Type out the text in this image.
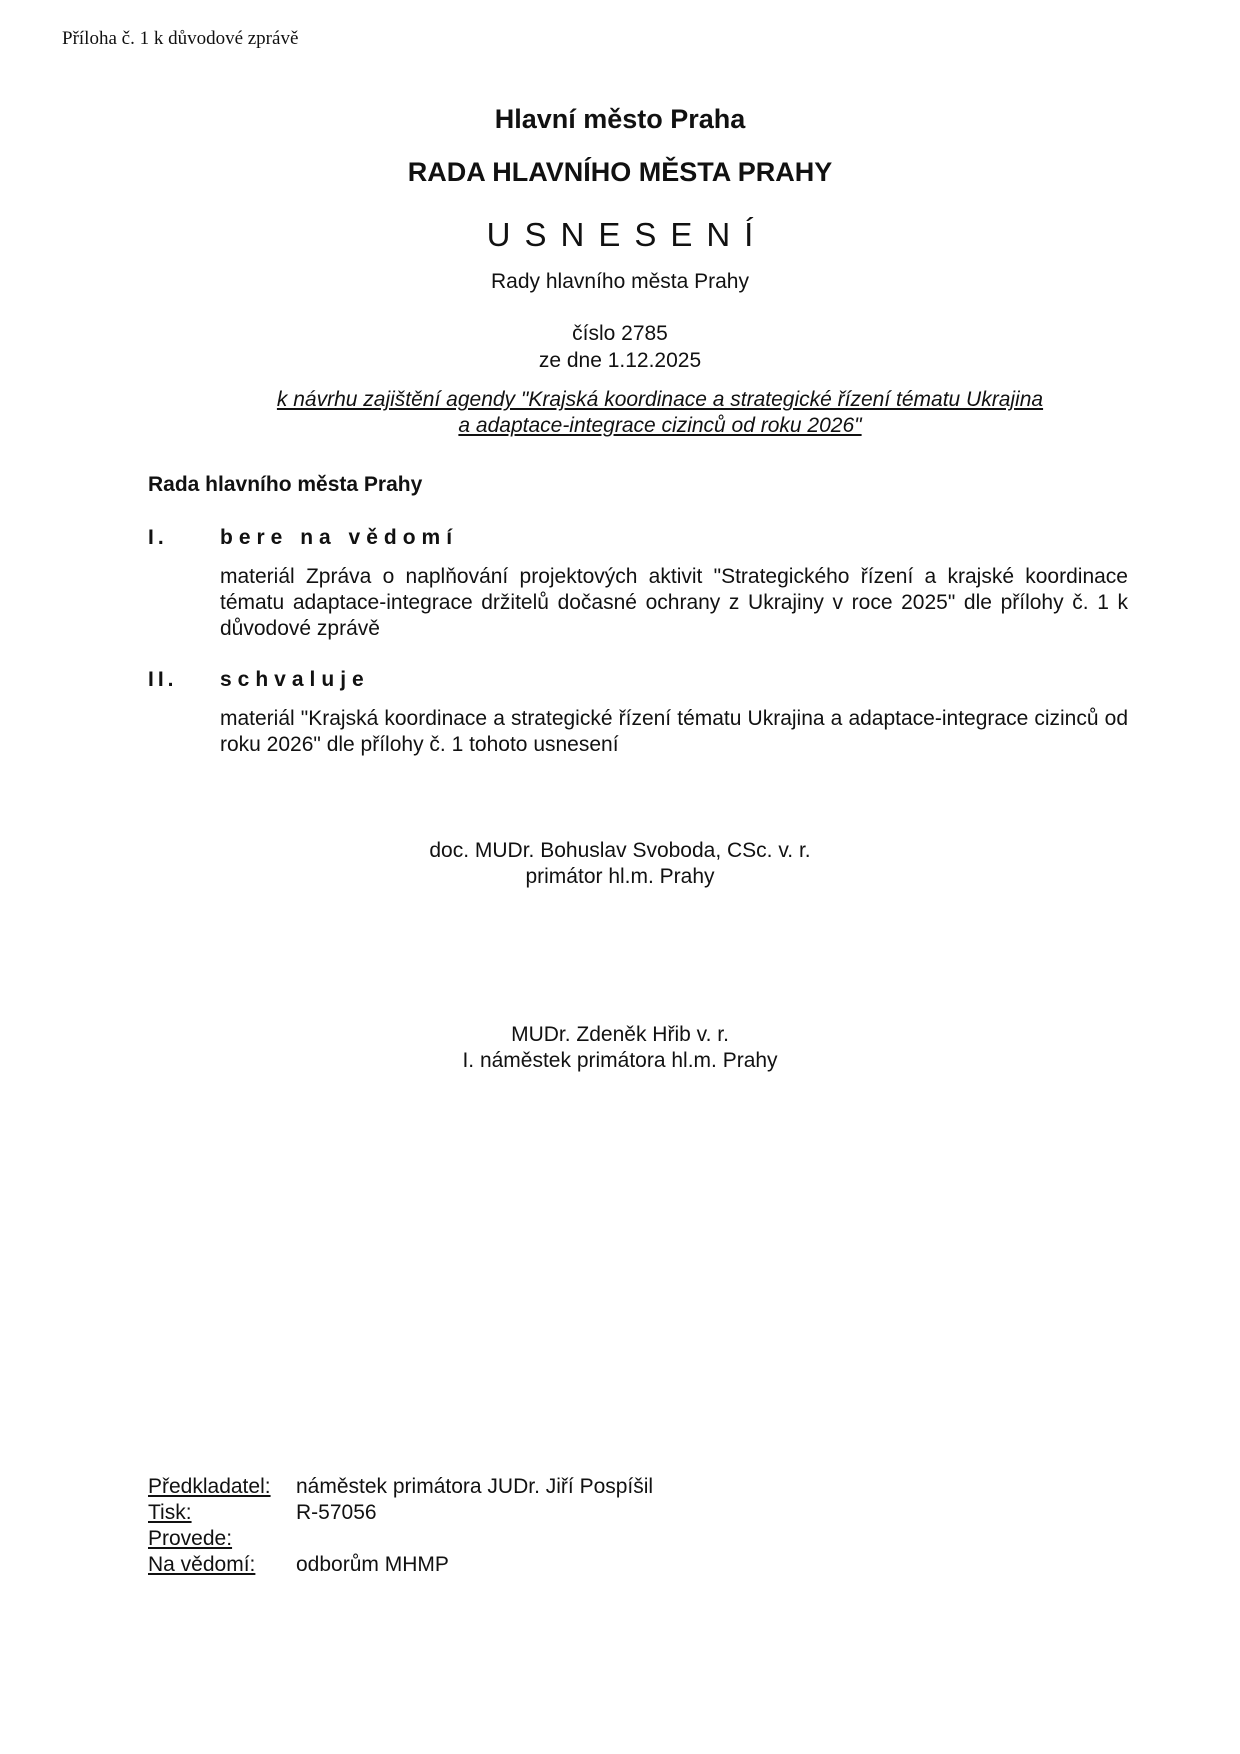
Příloha č. 1 k důvodové zprávě
Hlavní město Praha
RADA HLAVNÍHO MĚSTA PRAHY
USNESENÍ
Rady hlavního města Prahy
číslo 2785
ze dne 1.12.2025
k návrhu zajištění agendy "Krajská koordinace a strategické řízení tématu Ukrajina
a adaptace-integrace cizinců od roku 2026"
Rada hlavního města Prahy
I. bere na vědomí
materiál Zpráva o naplňování projektových aktivit "Strategického řízení a krajské koordinace tématu adaptace-integrace držitelů dočasné ochrany z Ukrajiny v roce 2025" dle přílohy č. 1 k důvodové zprávě
II. schvaluje
materiál "Krajská koordinace a strategické řízení tématu Ukrajina a adaptace-integrace cizinců od roku 2026" dle přílohy č. 1 tohoto usnesení
doc. MUDr. Bohuslav Svoboda, CSc. v. r.
primátor hl.m. Prahy
MUDr. Zdeněk Hřib v. r.
I. náměstek primátora hl.m. Prahy
Předkladatel:	náměstek primátora JUDr. Jiří Pospíšil
Tisk:	R-57056
Provede:
Na vědomí:	odborům MHMP
